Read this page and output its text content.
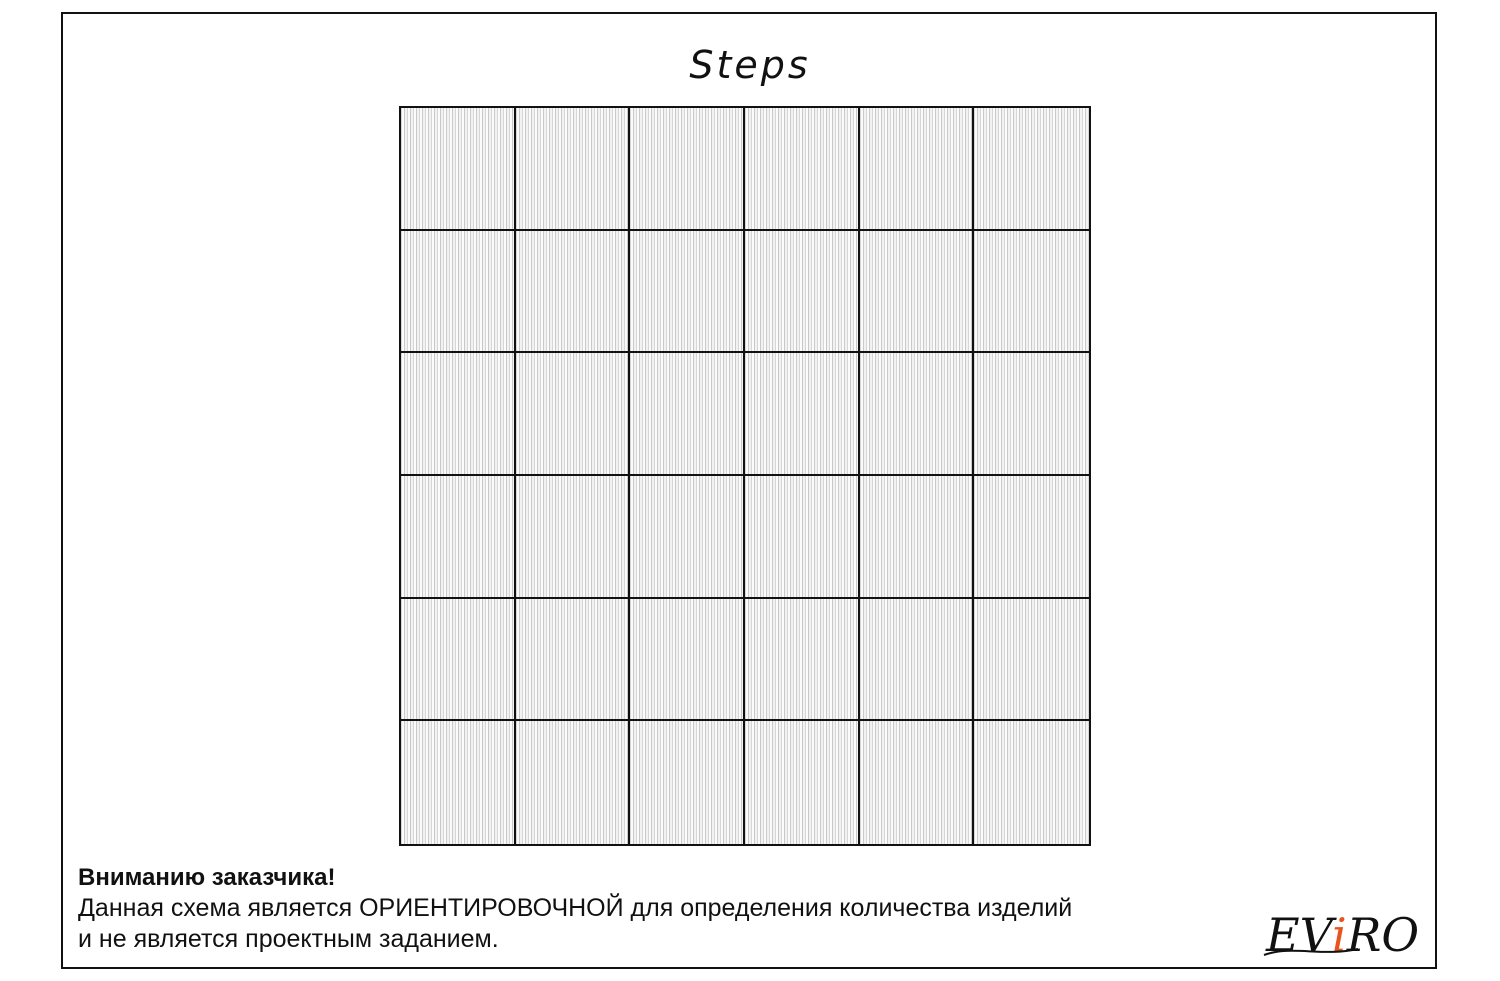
Steps
Вниманию заказчика!
Данная схема является ОРИЕНТИРОВОЧНОЙ для определения количества изделий
и не является проектным заданием.	EViRO
